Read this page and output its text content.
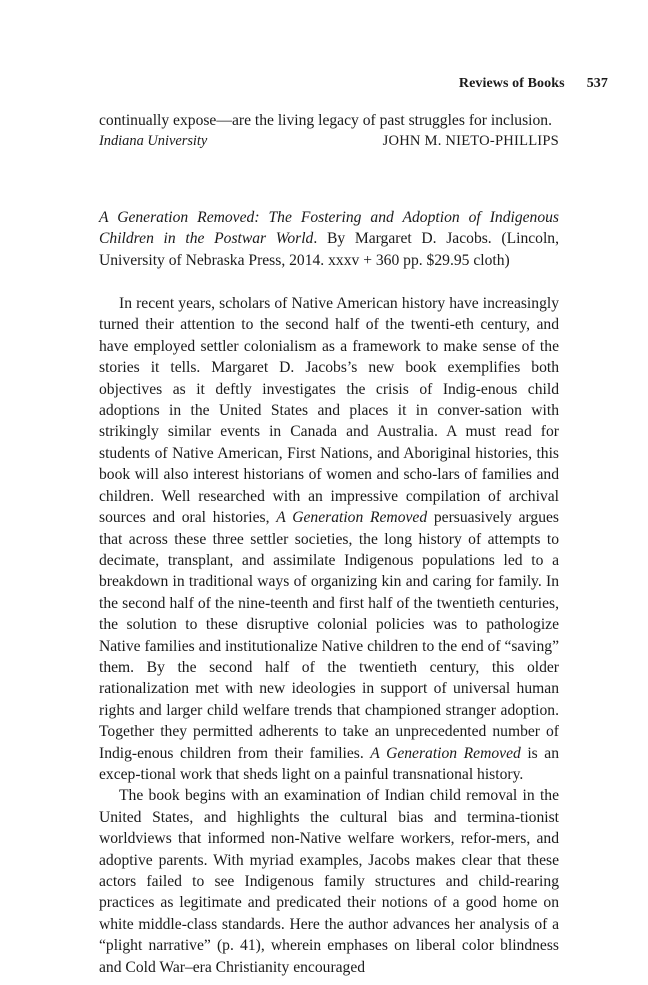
Reviews of Books 537

continually expose—are the living legacy of past struggles for inclusion.

Indiana University	JOHN M. NIETO-PHILLIPS

A Generation Removed: The Fostering and Adoption of Indigenous Children in the Postwar World. By Margaret D. Jacobs. (Lincoln, University of Nebraska Press, 2014. xxxv + 360 pp. $29.95 cloth)

In recent years, scholars of Native American history have increasingly turned their attention to the second half of the twenti-eth century, and have employed settler colonialism as a framework to make sense of the stories it tells. Margaret D. Jacobs’s new book exemplifies both objectives as it deftly investigates the crisis of Indig-enous child adoptions in the United States and places it in conver-sation with strikingly similar events in Canada and Australia. A must read for students of Native American, First Nations, and Aboriginal histories, this book will also interest historians of women and scho-lars of families and children. Well researched with an impressive compilation of archival sources and oral histories, A Generation Removed persuasively argues that across these three settler societies, the long history of attempts to decimate, transplant, and assimilate Indigenous populations led to a breakdown in traditional ways of organizing kin and caring for family. In the second half of the nine-teenth and first half of the twentieth centuries, the solution to these disruptive colonial policies was to pathologize Native families and institutionalize Native children to the end of “saving” them. By the second half of the twentieth century, this older rationalization met with new ideologies in support of universal human rights and larger child welfare trends that championed stranger adoption. Together they permitted adherents to take an unprecedented number of Indig-enous children from their families. A Generation Removed is an excep-tional work that sheds light on a painful transnational history.

The book begins with an examination of Indian child removal in the United States, and highlights the cultural bias and termina-tionist worldviews that informed non-Native welfare workers, refor-mers, and adoptive parents. With myriad examples, Jacobs makes clear that these actors failed to see Indigenous family structures and child-rearing practices as legitimate and predicated their notions of a good home on white middle-class standards. Here the author advances her analysis of a “plight narrative” (p. 41), wherein emphases on liberal color blindness and Cold War–era Christianity encouraged
